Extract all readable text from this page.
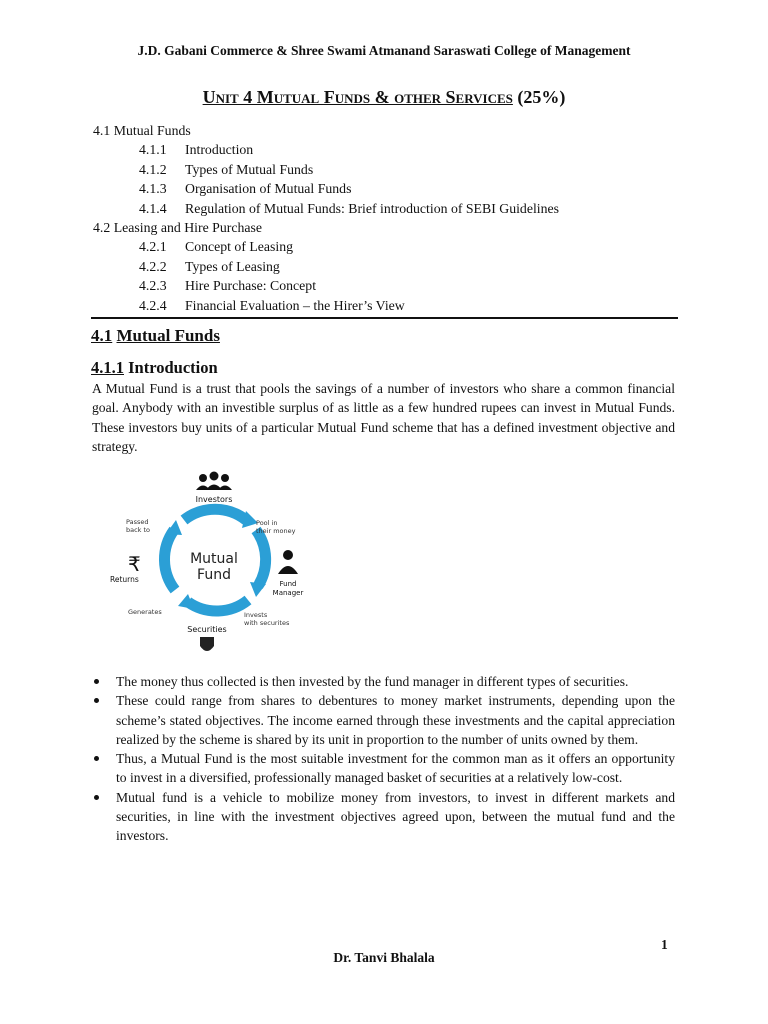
J.D. Gabani Commerce & Shree Swami Atmanand Saraswati College of Management
Unit 4 Mutual Funds & other Services (25%)
4.1 Mutual Funds
4.1.1 Introduction
4.1.2 Types of Mutual Funds
4.1.3 Organisation of Mutual Funds
4.1.4 Regulation of Mutual Funds: Brief introduction of SEBI Guidelines
4.2 Leasing and Hire Purchase
4.2.1 Concept of Leasing
4.2.2 Types of Leasing
4.2.3 Hire Purchase: Concept
4.2.4 Financial Evaluation – the Hirer’s View
4.1 Mutual Funds
4.1.1 Introduction
A Mutual Fund is a trust that pools the savings of a number of investors who share a common financial goal. Anybody with an investible surplus of as little as a few hundred rupees can invest in Mutual Funds. These investors buy units of a particular Mutual Fund scheme that has a defined investment objective and strategy.
Mutual
Fund
Investors
Pool in
their money
Fund
Manager
Invests
with securites
Securities
Generates
₹
Returns
Passed
back to
The money thus collected is then invested by the fund manager in different types of securities.
These could range from shares to debentures to money market instruments, depending upon the scheme’s stated objectives. The income earned through these investments and the capital appreciation realized by the scheme is shared by its unit in proportion to the number of units owned by them.
Thus, a Mutual Fund is the most suitable investment for the common man as it offers an opportunity to invest in a diversified, professionally managed basket of securities at a relatively low-cost.
Mutual fund is a vehicle to mobilize money from investors, to invest in different markets and securities, in line with the investment objectives agreed upon, between the mutual fund and the investors.
1
Dr. Tanvi Bhalala
